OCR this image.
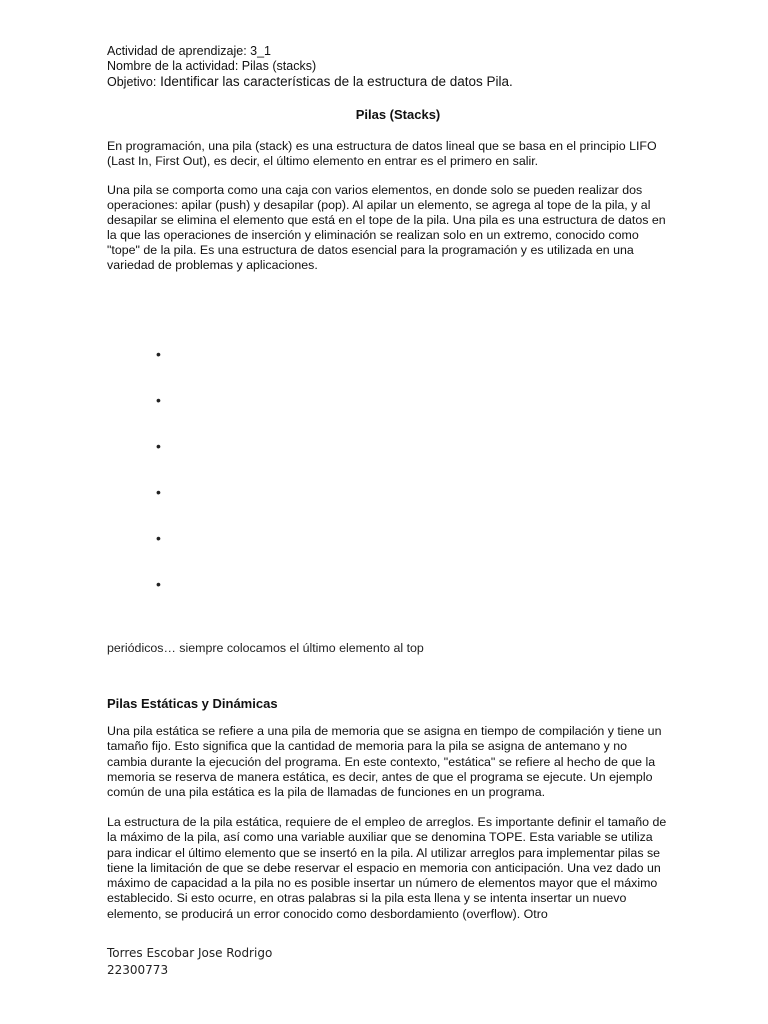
Actividad de aprendizaje: 3_1
Nombre de la actividad: Pilas (stacks)
Objetivo: Identificar las características de la estructura de datos Pila.
Pilas (Stacks)
En programación, una pila (stack) es una estructura de datos lineal que se basa en el principio LIFO (Last In, First Out), es decir, el último elemento en entrar es el primero en salir.
Una pila se comporta como una caja con varios elementos, en donde solo se pueden realizar dos operaciones: apilar (push) y desapilar (pop). Al apilar un elemento, se agrega al tope de la pila, y al desapilar se elimina el elemento que está en el tope de la pila. Una pila es una estructura de datos en la que las operaciones de inserción y eliminación se realizan solo en un extremo, conocido como "tope" de la pila. Es una estructura de datos esencial para la programación y es utilizada en una variedad de problemas y aplicaciones.
periódicos… siempre colocamos el último elemento al top
Pilas Estáticas y Dinámicas
Una pila estática se refiere a una pila de memoria que se asigna en tiempo de compilación y tiene un tamaño fijo. Esto significa que la cantidad de memoria para la pila se asigna de antemano y no cambia durante la ejecución del programa. En este contexto, "estática" se refiere al hecho de que la memoria se reserva de manera estática, es decir, antes de que el programa se ejecute. Un ejemplo común de una pila estática es la pila de llamadas de funciones en un programa.
La estructura de la pila estática, requiere de el empleo de arreglos. Es importante definir el tamaño de la máximo de la pila, así como una variable auxiliar que se denomina TOPE. Esta variable se utiliza para indicar el último elemento que se insertó en la pila. Al utilizar arreglos para implementar pilas se tiene la limitación de que se debe reservar el espacio en memoria con anticipación. Una vez dado un máximo de capacidad a la pila no es posible insertar un número de elementos mayor que el máximo establecido. Si esto ocurre, en otras palabras si la pila esta llena y se intenta insertar un nuevo elemento, se producirá un error conocido como desbordamiento (overflow). Otro
Torres Escobar Jose Rodrigo
22300773
